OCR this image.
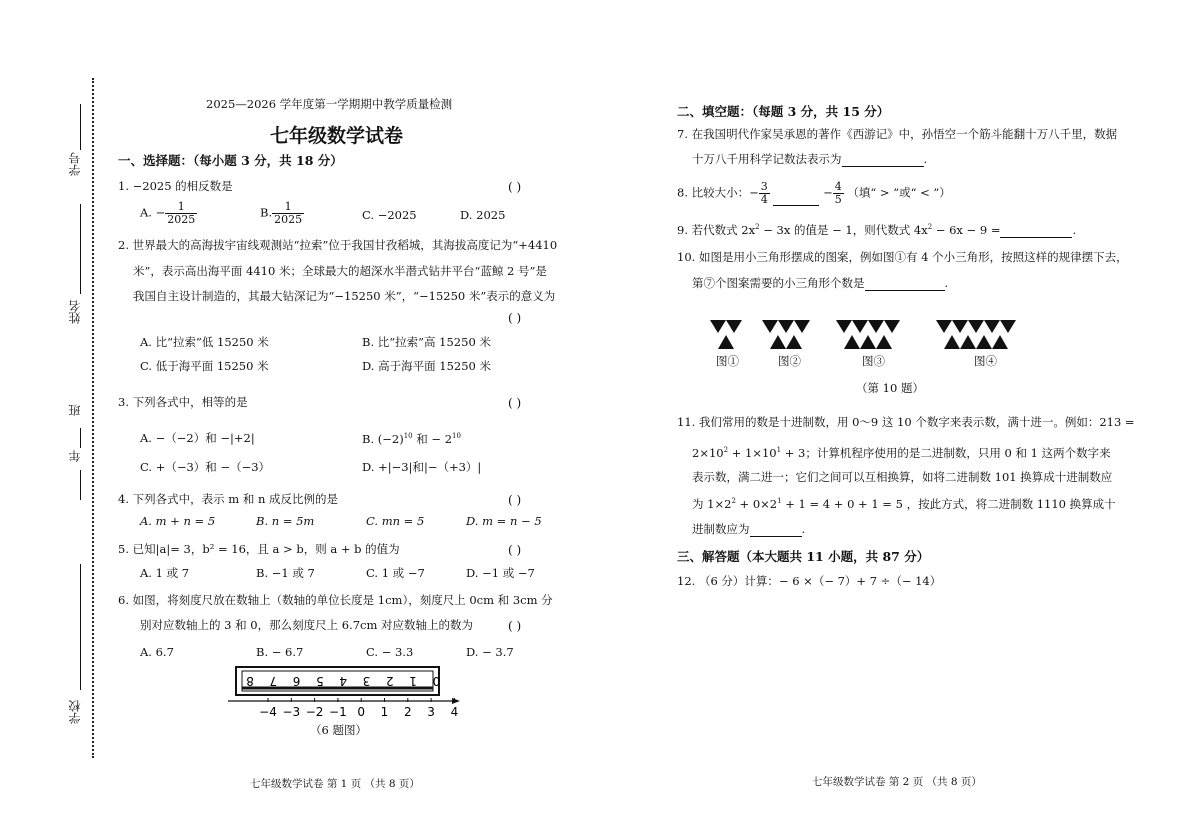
学号
姓名
班
年
学校
2025—2026 学年度第一学期期中教学质量检测
七年级数学试卷
一、选择题：（每小题 3 分，共 18 分）
1. −2025 的相反数是	( )
A. − $\frac{1}{2025}$	B. $\frac{1}{2025}$	C. −2025	D. 2025
2. 世界最大的高海拔宇宙线观测站“拉索”位于我国甘孜稻城，其海拔高度记为“+4410
米”，表示高出海平面 4410 米；全球最大的超深水半潜式钻井平台“蓝鲸 2 号”是
我国自主设计制造的，其最大钻深记为“−15250 米”，“−15250 米”表示的意义为
( )
A. 比“拉索”低 15250 米	B. 比“拉索”高 15250 米
C. 低于海平面 15250 米	D. 高于海平面 15250 米
3. 下列各式中，相等的是	( )
A. −（−2）和 −|+2|	B. $(-2)^{10}$ 和 − $2^{10}$
C. +（−3）和 −（−3）	D. +|−3|和|−（+3）|
4. 下列各式中，表示 m 和 n 成反比例的是	( )
A. m + n = 5	B. n = 5m	C. mn = 5	D. m = n − 5
5. 已知|a|= 3，b² = 16，且 a > b，则 a + b 的值为	( )
A. 1 或 7	B. −1 或 7	C. 1 或 −7	D. −1 或 −7
6. 如图，将刻度尺放在数轴上（数轴的单位长度是 1cm），刻度尺上 0cm 和 3cm 分
别对应数轴上的 3 和 0，那么刻度尺上 6.7cm 对应数轴上的数为	( )
A. 6.7	B. − 6.7	C. − 3.3	D. − 3.7
8 7 6 5 4 3 2 1 0
−4 −3 −2 −1 0 1 2 3 4
（6 题图）
七年级数学试卷 第 1 页 （共 8 页）
二、填空题：（每题 3 分，共 15 分）
7. 在我国明代作家吴承恩的著作《西游记》中，孙悟空一个筋斗能翻十万八千里，数据
十万八千用科学记数法表示为	.
8. 比较大小：− $\frac{3}{4}$	− $\frac{4}{5}$ （填“ > ”或“ < ”）
9. 若代数式 $2x^2 - 3x$ 的值是 − 1，则代数式 $4x^2 - 6x - 9$ =	.
10. 如图是用小三角形摆成的图案，例如图①有 4 个小三角形，按照这样的规律摆下去，
第⑦个图案需要的小三角形个数是	.
图①	图②	图③	图④
（第 10 题）
11. 我们常用的数是十进制数，用 0～9 这 10 个数字来表示数，满十进一。例如：213 =
$2\times 10^2 + 1\times 10^1 + 3$；计算机程序使用的是二进制数，只用 0 和 1 这两个数字来
表示数，满二进一；它们之间可以互相换算，如将二进制数 101 换算成十进制数应
为 $1\times 2^2 + 0\times 2^1 + 1 = 4 + 0 + 1 = 5$ ，按此方式，将二进制数 1110 换算成十
进制数应为	.
三、解答题（本大题共 11 小题，共 87 分）
12. （6 分）计算：− 6 ×（− 7）+ 7 ÷（− 14）
七年级数学试卷 第 2 页 （共 8 页）
